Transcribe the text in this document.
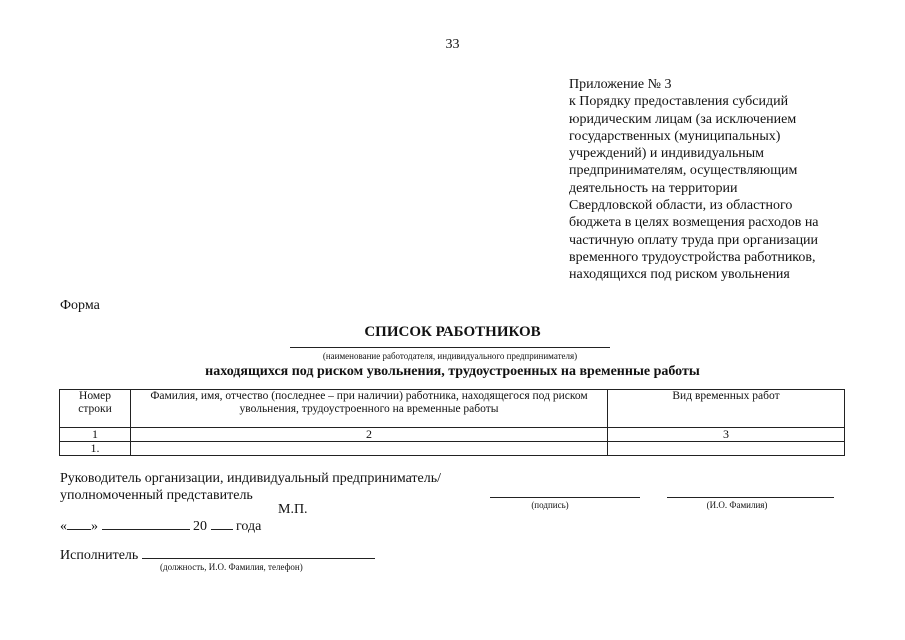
33
Приложение № 3
к Порядку предоставления субсидий
юридическим лицам (за исключением
государственных (муниципальных)
учреждений) и индивидуальным
предпринимателям, осуществляющим
деятельность на территории
Свердловской области, из областного
бюджета в целях возмещения расходов на
частичную оплату труда при организации
временного трудоустройства работников,
находящихся под риском увольнения
Форма
СПИСОК РАБОТНИКОВ
(наименование работодателя, индивидуального предпринимателя)
находящихся под риском увольнения, трудоустроенных на временные работы
Номер строки	Фамилия, имя, отчество (последнее – при наличии) работника, находящегося под риском увольнения, трудоустроенного на временные работы	Вид временных работ
1	2	3
1.		
Руководитель организации, индивидуальный предприниматель/
уполномоченный представитель
(подпись)	(И.О. Фамилия)
М.П.
« »	20 года
Исполнитель
(должность, И.О. Фамилия, телефон)
